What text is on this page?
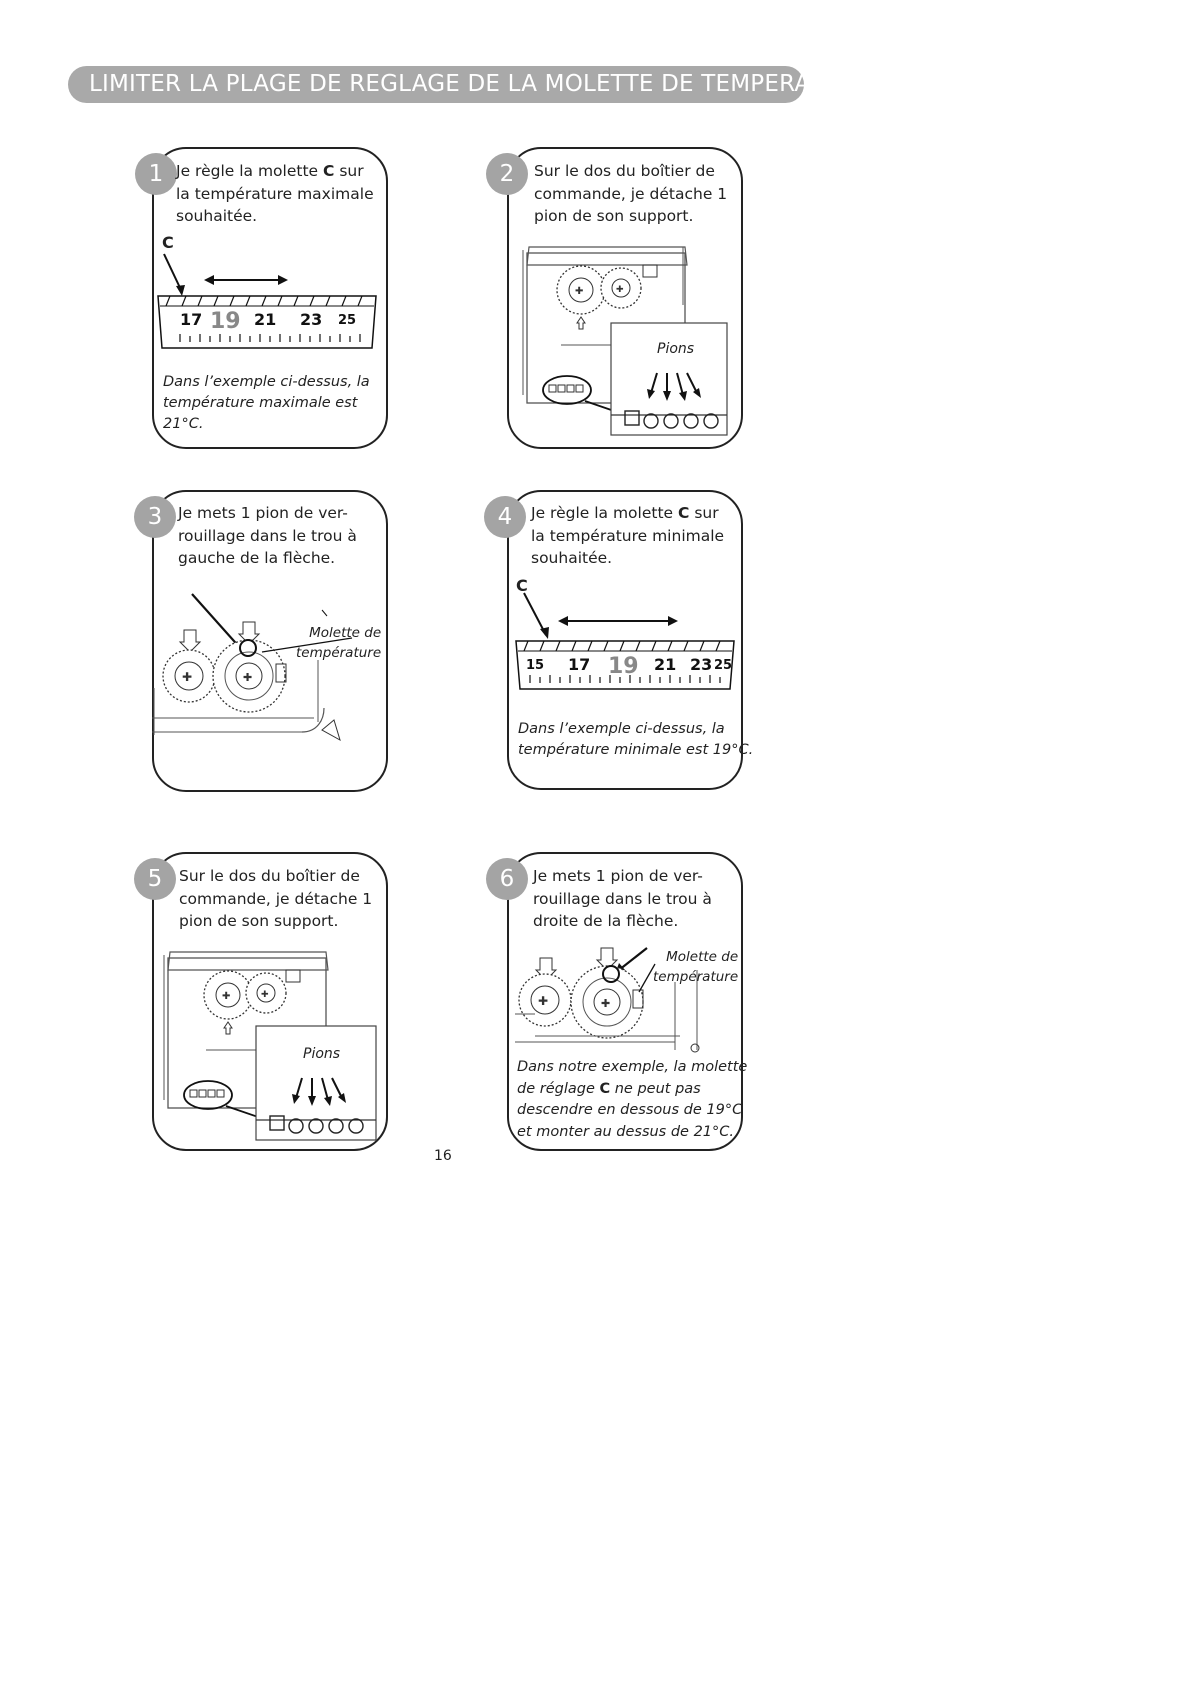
LIMITER LA PLAGE DE REGLAGE DE LA MOLETTE DE TEMPERATURE
1 Je règle la molette C sur
la température maximale
souhaitée.
C
17 19 21 23 25
Dans l’exemple ci-dessus, la
température maximale est
21°C.
2	Sur le dos du boîtier de
commande, je détache 1
pion de son support.
✚	✚
Pions
3	Je mets 1 pion de ver-
rouillage dans le trou à
gauche de la flèche.
✚	✚
Molette de
température
4	Je règle la molette C sur
la température minimale
souhaitée.
C
15 17 19 21 23 25
Dans l’exemple ci-dessus, la
température minimale est 19°C.
5	Sur le dos du boîtier de
commande, je détache 1
pion de son support.
✚	✚
Pions
6	Je mets 1 pion de ver-
rouillage dans le trou à
droite de la flèche.
✚	✚
Molette de
température
Dans notre exemple, la molette
de réglage C ne peut pas
descendre en dessous de 19°C
et monter au dessus de 21°C.
16
